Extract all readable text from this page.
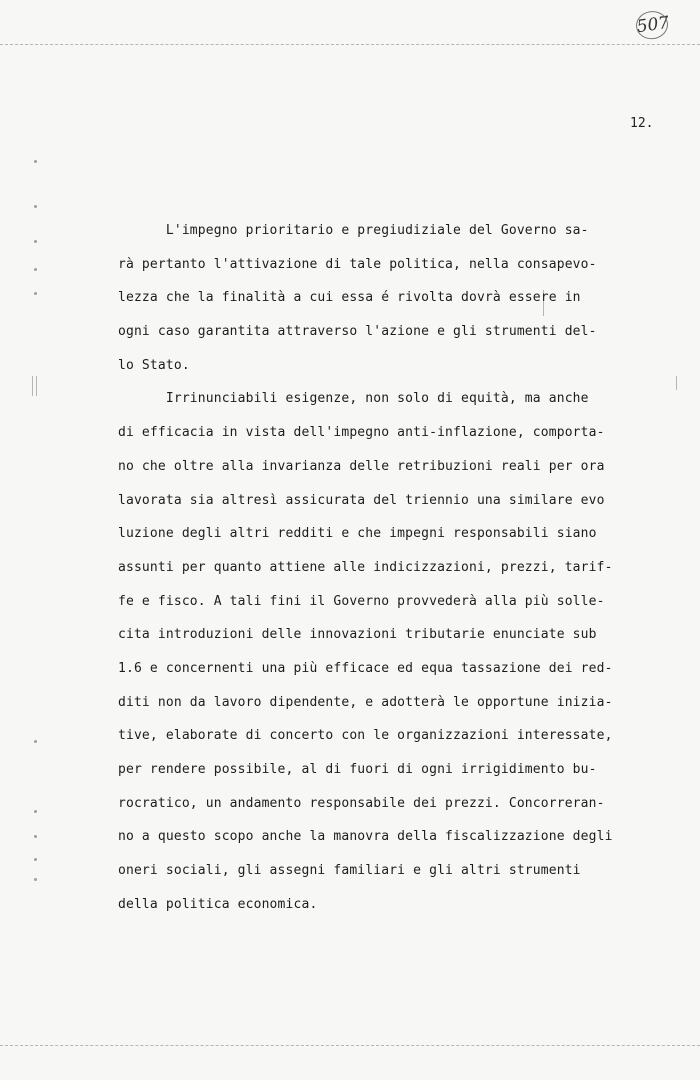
507
12.
L'impegno prioritario e pregiudiziale del Governo sa-
rà pertanto l'attivazione di tale politica, nella consapevo-
lezza che la finalità a cui essa é rivolta dovrà essere in
ogni caso garantita attraverso l'azione e gli strumenti del-
lo Stato.
Irrinunciabili esigenze, non solo di equità, ma anche
di efficacia in vista dell'impegno anti-inflazione, comporta-
no che oltre alla invarianza delle retribuzioni reali per ora
lavorata sia altresì assicurata del triennio una similare evo
luzione degli altri redditi e che impegni responsabili siano
assunti per quanto attiene alle indicizzazioni, prezzi, tarif-
fe e fisco. A tali fini il Governo provvederà alla più solle-
cita introduzioni delle innovazioni tributarie enunciate sub
1.6 e concernenti una più efficace ed equa tassazione dei red-
diti non da lavoro dipendente, e adotterà le opportune inizia-
tive, elaborate di concerto con le organizzazioni interessate,
per rendere possibile, al di fuori di ogni irrigidimento bu-
rocratico, un andamento responsabile dei prezzi. Concorreran-
no a questo scopo anche la manovra della fiscalizzazione degli
oneri sociali, gli assegni familiari e gli altri strumenti
della politica economica.
